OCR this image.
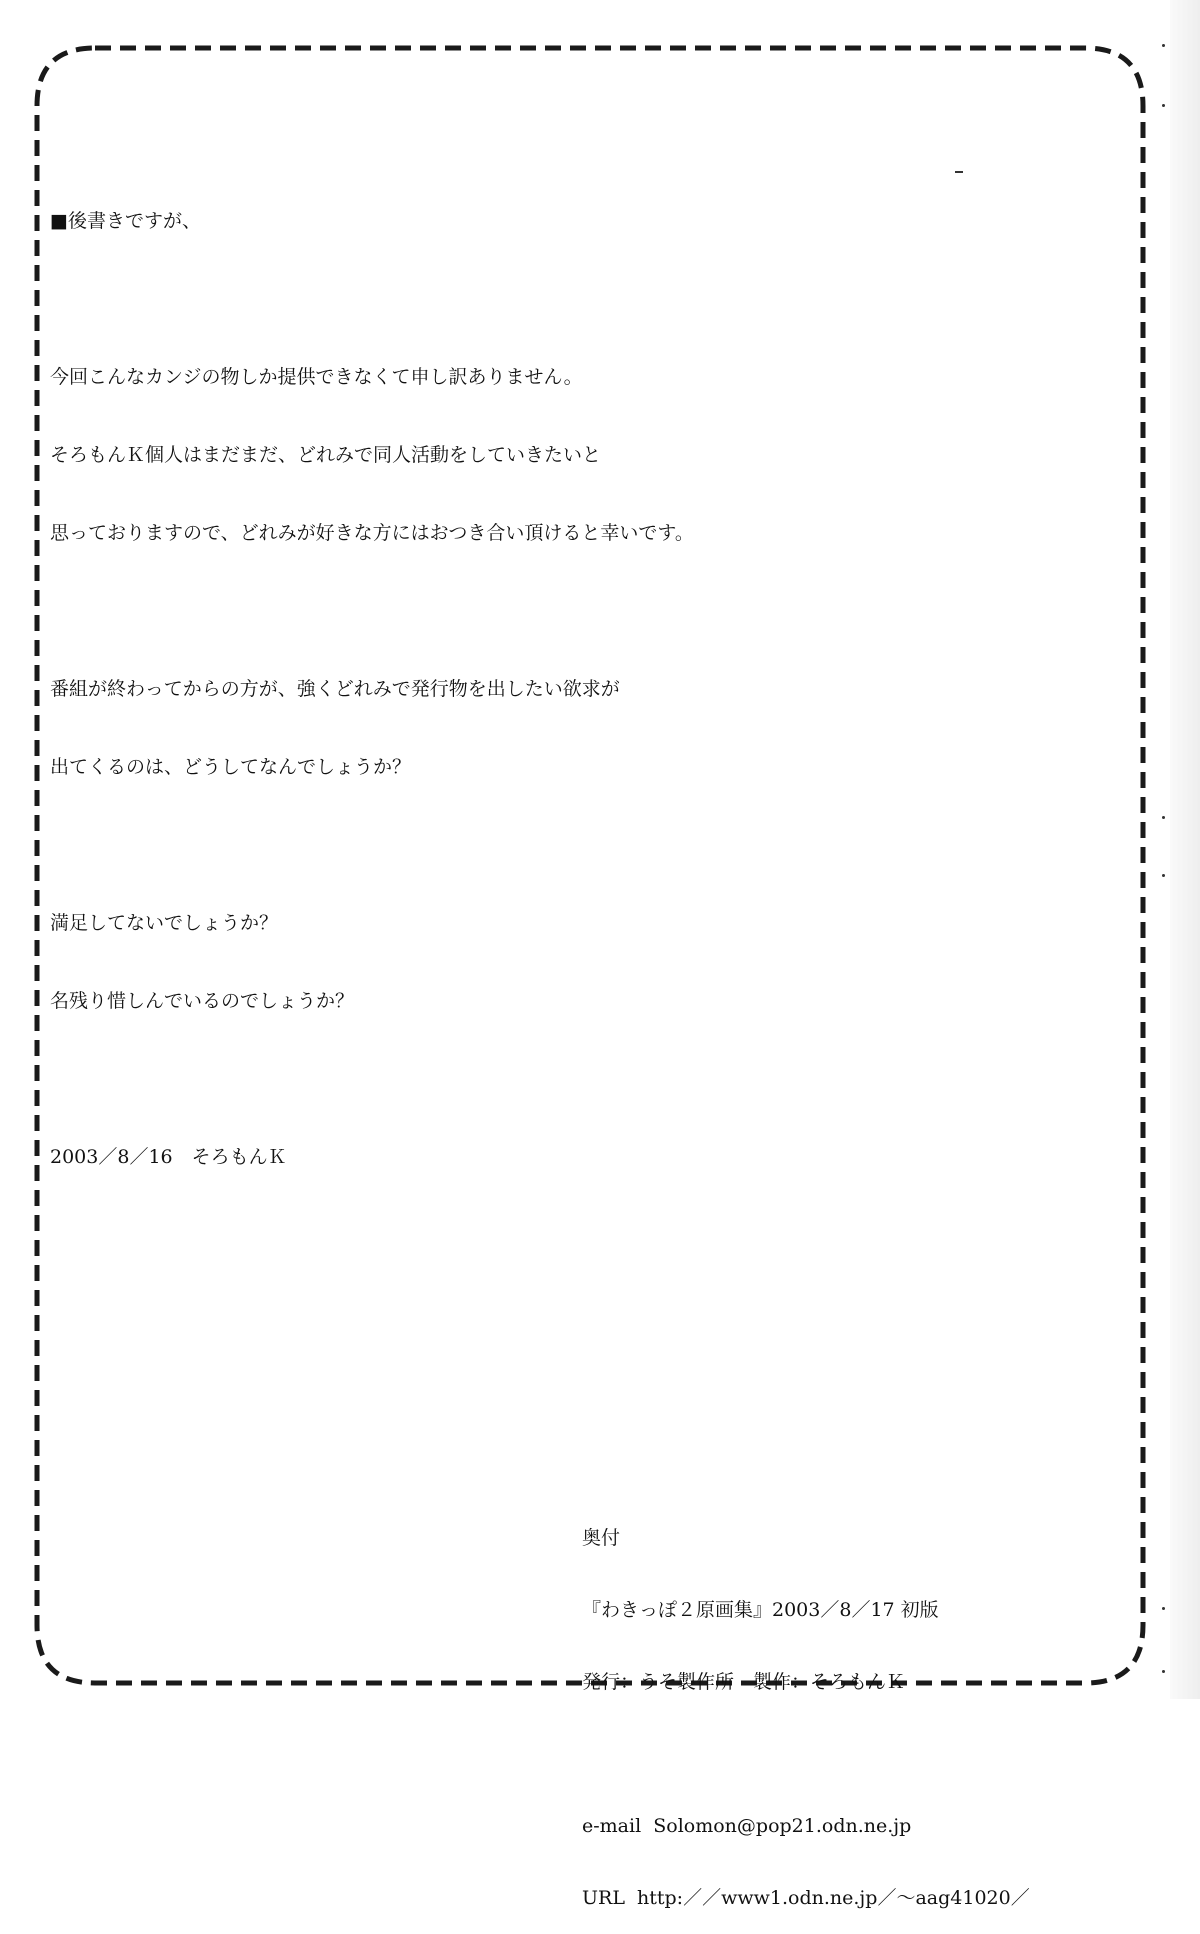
■後書きですが、

今回こんなカンジの物しか提供できなくて申し訳ありません。

そろもんＫ個人はまだまだ、どれみで同人活動をしていきたいと

思っておりますので、どれみが好きな方にはおつき合い頂けると幸いです。

番組が終わってからの方が、強くどれみで発行物を出したい欲求が

出てくるのは、どうしてなんでしょうか？

満足してないでしょうか？

名残り惜しんでいるのでしょうか？

2003／8／16　そろもんＫ

奥付

『わきっぽ２原画集』2003／8／17 初版

発行：うそ製作所　製作：そろもんＫ

e-mail  Solomon@pop21.odn.ne.jp

URL  http:／／www1.odn.ne.jp／～aag41020／
